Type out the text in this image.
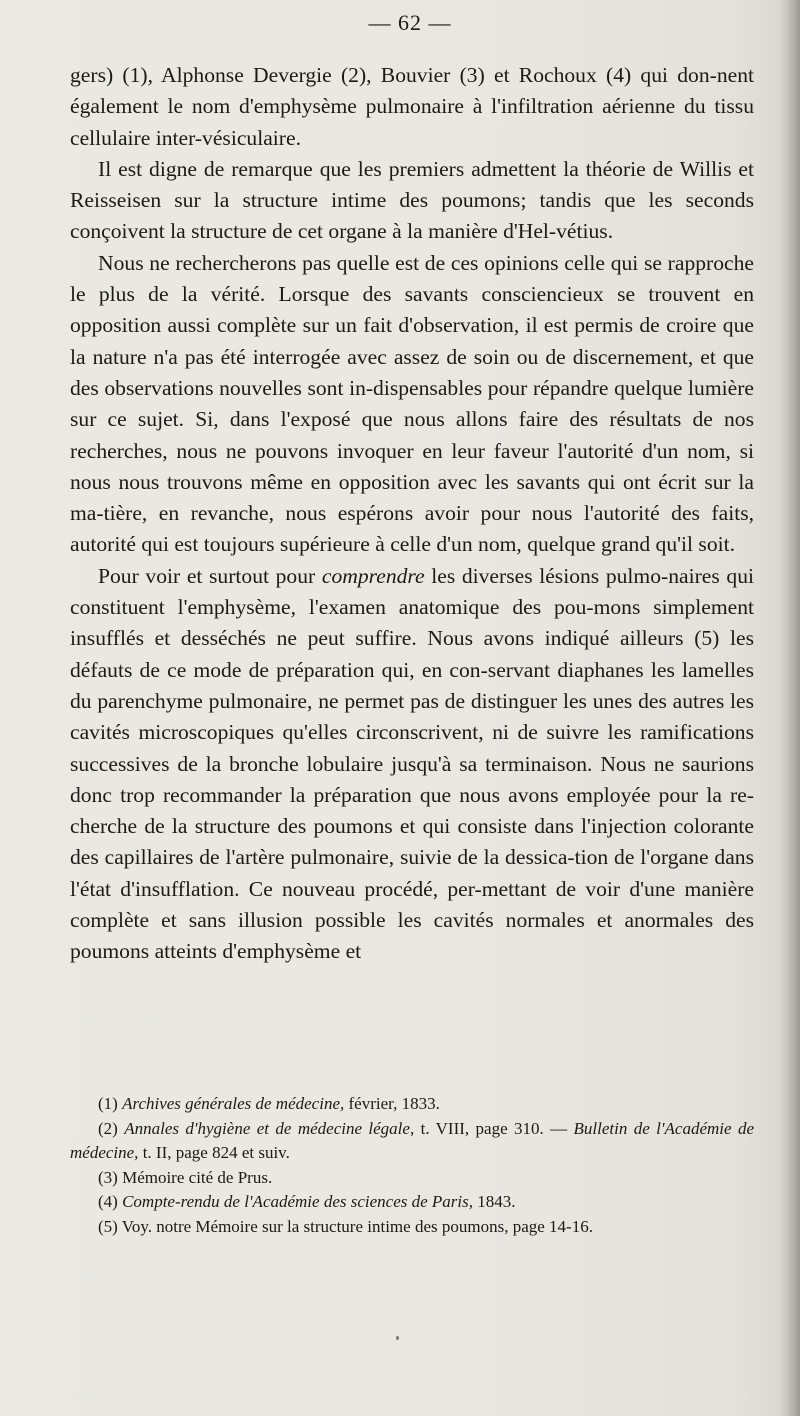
— 62 —

gers) (1), Alphonse Devergie (2), Bouvier (3) et Rochoux (4) qui don-nent également le nom d'emphysème pulmonaire à l'infiltration aérienne du tissu cellulaire inter-vésiculaire.

Il est digne de remarque que les premiers admettent la théorie de Willis et Reisseisen sur la structure intime des poumons; tandis que les seconds conçoivent la structure de cet organe à la manière d'Hel-vétius.

Nous ne rechercherons pas quelle est de ces opinions celle qui se rapproche le plus de la vérité. Lorsque des savants consciencieux se trouvent en opposition aussi complète sur un fait d'observation, il est permis de croire que la nature n'a pas été interrogée avec assez de soin ou de discernement, et que des observations nouvelles sont in-dispensables pour répandre quelque lumière sur ce sujet. Si, dans l'exposé que nous allons faire des résultats de nos recherches, nous ne pouvons invoquer en leur faveur l'autorité d'un nom, si nous nous trouvons même en opposition avec les savants qui ont écrit sur la ma-tière, en revanche, nous espérons avoir pour nous l'autorité des faits, autorité qui est toujours supérieure à celle d'un nom, quelque grand qu'il soit.

Pour voir et surtout pour comprendre les diverses lésions pulmo-naires qui constituent l'emphysème, l'examen anatomique des pou-mons simplement insufflés et desséchés ne peut suffire. Nous avons indiqué ailleurs (5) les défauts de ce mode de préparation qui, en con-servant diaphanes les lamelles du parenchyme pulmonaire, ne permet pas de distinguer les unes des autres les cavités microscopiques qu'elles circonscrivent, ni de suivre les ramifications successives de la bronche lobulaire jusqu'à sa terminaison. Nous ne saurions donc trop recommander la préparation que nous avons employée pour la re-cherche de la structure des poumons et qui consiste dans l'injection colorante des capillaires de l'artère pulmonaire, suivie de la dessica-tion de l'organe dans l'état d'insufflation. Ce nouveau procédé, per-mettant de voir d'une manière complète et sans illusion possible les cavités normales et anormales des poumons atteints d'emphysème et

(1) Archives générales de médecine, février, 1833.

(2) Annales d'hygiène et de médecine légale, t. VIII, page 310. — Bulletin de l'Académie de médecine, t. II, page 824 et suiv.

(3) Mémoire cité de Prus.

(4) Compte-rendu de l'Académie des sciences de Paris, 1843.

(5) Voy. notre Mémoire sur la structure intime des poumons, page 14-16.
